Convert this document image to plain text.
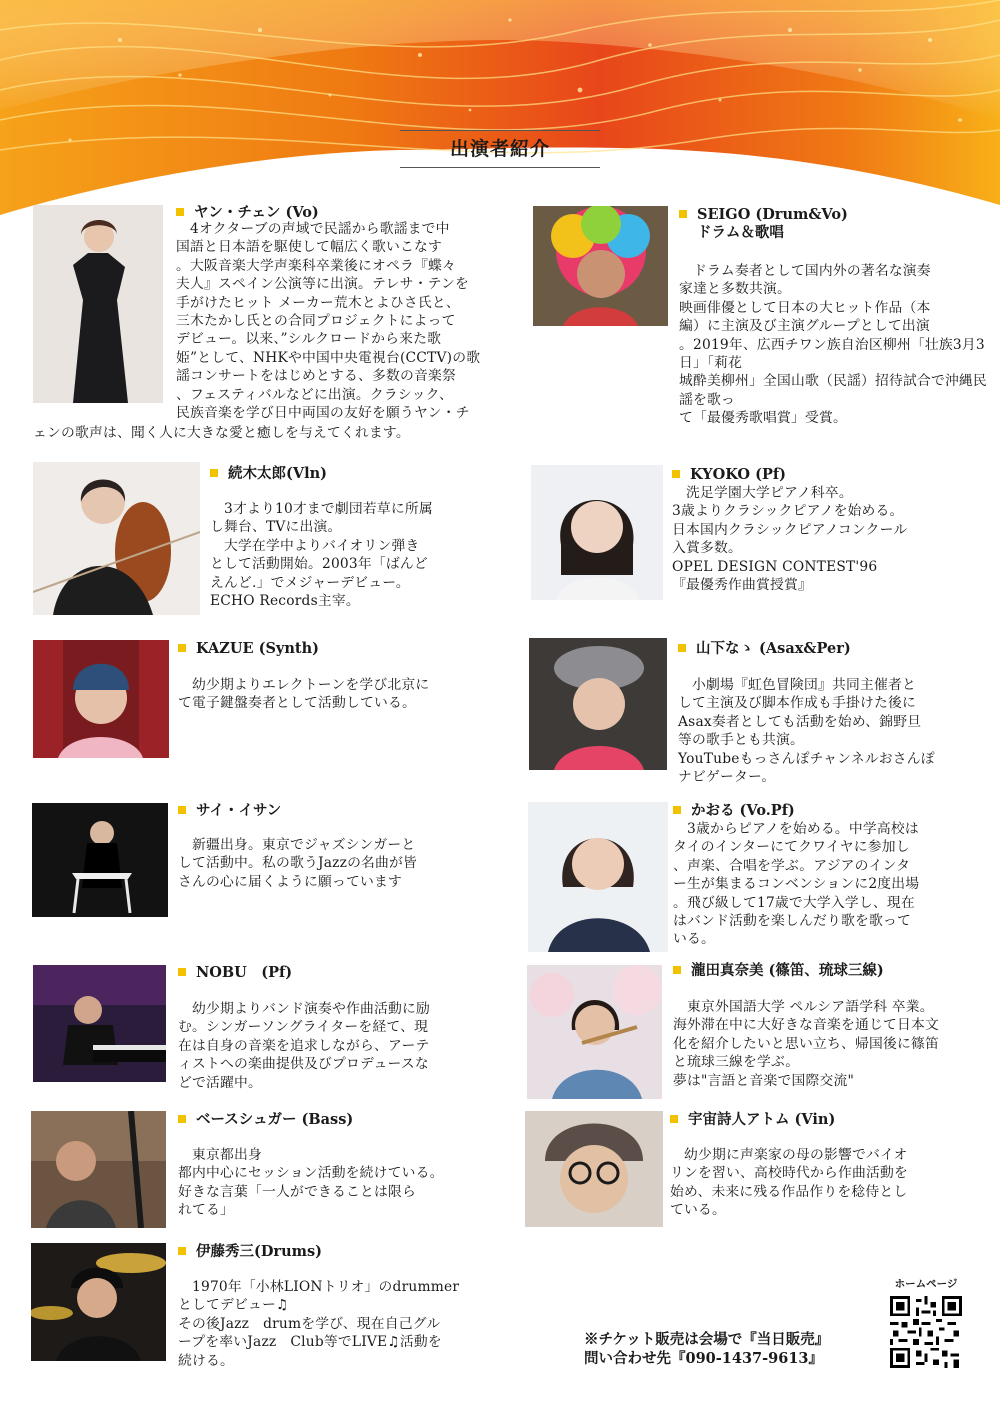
出演者紹介
ヤン・チェン (Vo)
　4オクターブの声域で民謡から歌謡まで中
国語と日本語を駆使して幅広く歌いこなす
。大阪音楽大学声楽科卒業後にオペラ『蝶々
夫人』スペイン公演等に出演。テレサ・テンを
手がけたヒット メーカー荒木とよひさ氏と、
三木たかし氏との合同プロジェクトによって
デビュー。以来、”シルクロードから来た歌
姫”として、NHKや中国中央電視台(CCTV)の歌
謡コンサートをはじめとする、多数の音楽祭
、フェスティバルなどに出演。クラシック、
民族音楽を学び日中両国の友好を願うヤン・チ
ェンの歌声は、聞く人に大きな愛と癒しを与えてくれます。
SEIGO (Drum&Vo)
ドラム＆歌唱
　ドラム奏者として国内外の著名な演奏
家達と多数共演。
映画俳優として日本の大ヒット作品（本
編）に主演及び主演グループとして出演
。2019年、広西チワン族自治区柳州「壮族3月3日」「莉花
城酔美柳州」全国山歌（民謡）招待試合で沖縄民謡を歌っ
て「最優秀歌唱賞」受賞。
続木太郎(Vln)
　3才より10才まで劇団若草に所属
し舞台、TVに出演。
　大学在学中よりバイオリン弾き
として活動開始。2003年「ばんど
えんど.」でメジャーデビュー。
ECHO Records主宰。
KYOKO (Pf)
　洗足学園大学ピアノ科卒。
3歳よりクラシックピアノを始める。
日本国内クラシックピアノコンクール
入賞多数。
OPEL DESIGN CONTEST'96
『最優秀作曲賞授賞』
KAZUE (Synth)
　幼少期よりエレクトーンを学び北京に
て電子鍵盤奏者として活動している。
山下なゝ (Asax&Per)
　小劇場『虹色冒険団』共同主催者と
して主演及び脚本作成も手掛けた後に
Asax奏者としても活動を始め、錦野旦
等の歌手とも共演。
YouTubeもっさんぽチャンネルおさんぽ
ナビゲーター。
サイ・イサン
　新疆出身。東京でジャズシンガーと
して活動中。私の歌うJazzの名曲が皆
さんの心に届くように願っています
かおる (Vo.Pf)
　3歳からピアノを始める。中学高校は
タイのインターにてクワイヤに参加し
、声楽、合唱を学ぶ。アジアのインタ
ー生が集まるコンベンションに2度出場
。飛び級して17歳で大学入学し、現在
はバンド活動を楽しんだり歌を歌って
いる。
NOBU　(Pf)
　幼少期よりバンド演奏や作曲活動に励
む。シンガーソングライターを経て、現
在は自身の音楽を追求しながら、アーテ
ィストへの楽曲提供及びプロデュースな
どで活躍中。
瀧田真奈美 (篠笛、琉球三線)
　東京外国語大学 ペルシア語学科 卒業。
海外滞在中に大好きな音楽を通じて日本文
化を紹介したいと思い立ち、帰国後に篠笛
と琉球三線を学ぶ。
夢は"言語と音楽で国際交流"
ベースシュガー (Bass)
　東京都出身
都内中心にセッション活動を続けている。
好きな言葉「一人ができることは限ら
れてる」
宇宙詩人アトム (Vin)
　幼少期に声楽家の母の影響でバイオ
リンを習い、高校時代から作曲活動を
始め、未来に残る作品作りを稔侍とし
ている。
伊藤秀三(Drums)
　1970年「小林LIONトリオ」のdrummer
としてデビュー♫
その後Jazz　drumを学び、現在自己グル
ープを率いJazz　Club等でLIVE♫活動を
続ける。
※チケット販売は会場で『当日販売』
問い合わせ先『090-1437-9613』
ホームページ
